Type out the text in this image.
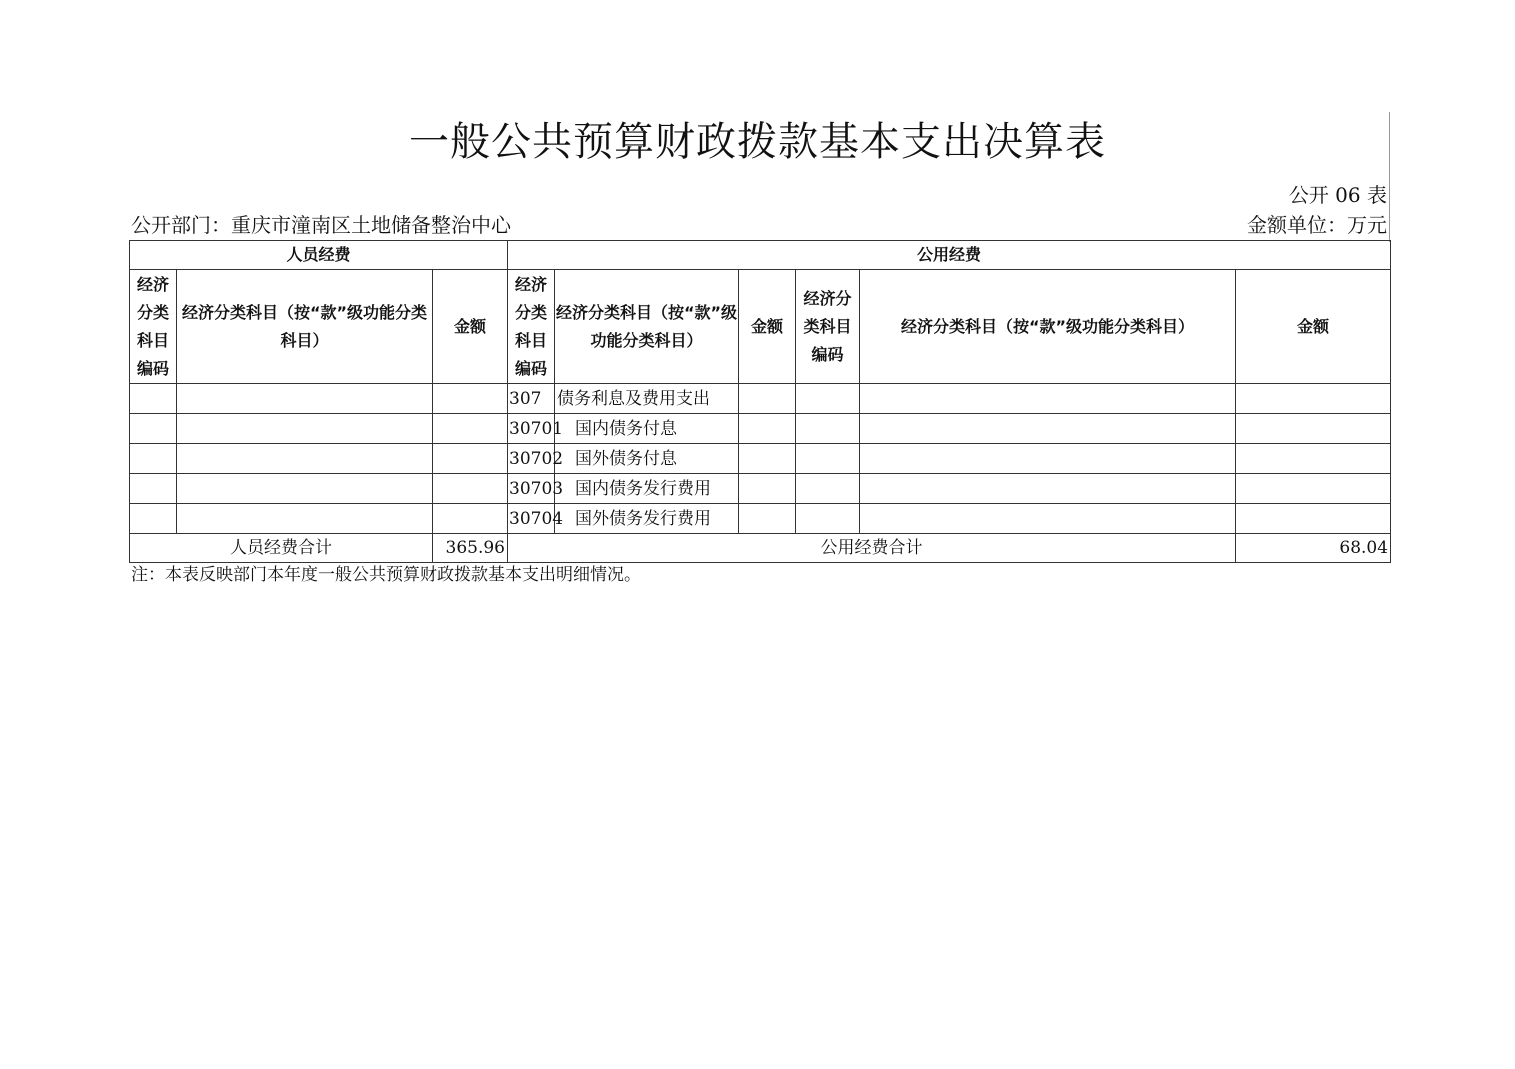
一般公共预算财政拨款基本支出决算表
公开 06 表
公开部门：重庆市潼南区土地储备整治中心	金额单位：万元
人员经费			公用经费					
经济分类科目编码	经济分类科目（按“款”级功能分类科目）	金额	经济分类科目编码	经济分类科目（按“款”级功能分类科目）	金额	经济分类科目编码	经济分类科目（按“款”级功能分类科目）	金额
			307	债务利息及费用支出				
			30701	国内债务付息				
			30702	国外债务付息				
			30703	国内债务发行费用				
			30704	国外债务发行费用				
人员经费合计		365.96	公用经费合计					68.04
注：本表反映部门本年度一般公共预算财政拨款基本支出明细情况。
